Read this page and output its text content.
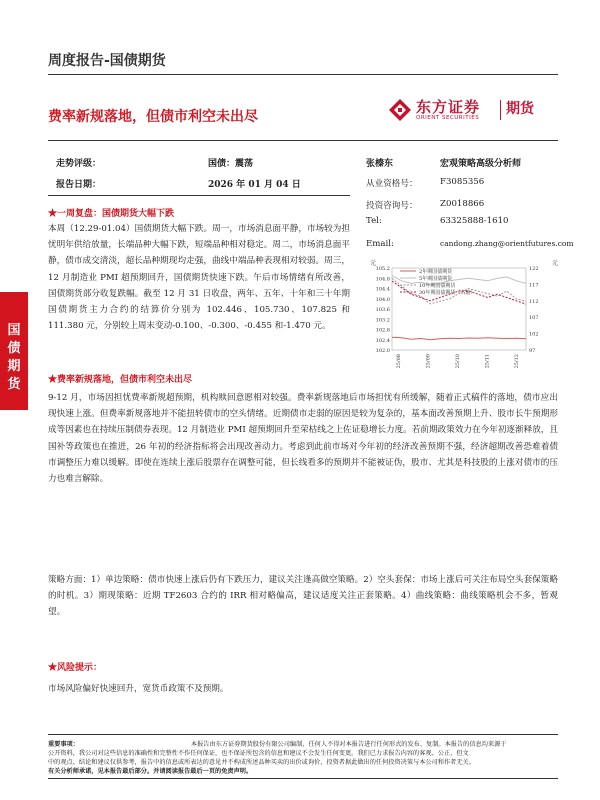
周度报告-国债期货
费率新规落地，但债市利空未出尽
东方证券
ORIENT SECURITIES
期货
走势评级：	国债：震荡
报告日期：	2026 年 01 月 04 日
张榛东	宏观策略高级分析师
从业资格号：	F3085356
投资咨询号：	Z0018866
Tel:	63325888-1610
Email:	candong.zhang@orientfutures.com
★一周复盘：国债期货大幅下跌
本周（12.29-01.04）国债期货大幅下跌。周一，市场消息面平静，市场较为担忧明年供给放量，长端品种大幅下跌，短端品种相对稳定。周二，市场消息面平静，债市成交清淡，超长品种期现均走强，曲线中端品种表现相对较弱。周三，12 月制造业 PMI 超预期回升，国债期货快速下跌。午后市场情绪有所改善，国债期货部分收复跌幅。截至 12 月 31 日收盘，两年、五年、十年和三十年期国债期货主力合约的结算价分别为 102.446、105.730、107.825 和 111.380 元，分别较上周末变动-0.100、-0.300、-0.455 和-1.470 元。
★费率新规落地，但债市利空未出尽
9-12 月，市场因担忧费率新规超预期，机构赎回意愿相对较强。费率新规落地后市场担忧有所缓解，随着正式稿件的落地，债市应出现快速上涨。但费率新规落地并不能扭转债市的空头情绪。近期债市走弱的原因是较为复杂的，基本面改善预期上升、股市长牛预期形成等因素也在持续压制债券表现。12 月制造业 PMI 超预期回升至荣枯线之上佐证稳增长力度。若前期政策效力在今年初逐渐释放，且国补等政策也在推进，26 年初的经济指标将会出现改善动力。考虑到此前市场对今年初的经济改善预期不强，经济超期改善恐难着债市调整压力难以缓解。即使在连续上涨后股票存在调整可能，但长线看多的预期并不能被证伪，股市、尤其是科技股的上涨对债市的压力也难言解除。
策略方面：1）单边策略：债市快速上涨后仍有下跌压力，建议关注逢高做空策略。2）空头套保：市场上涨后可关注布局空头套保策略的时机。3）期现策略：近期 TF2603 合约的 IRR 相对略偏高，建议适度关注正套策略。4）曲线策略：曲线策略机会不多，暂观望。
★风险提示：
市场风险偏好快速回升，宽货币政策不及预期。
国债期货
元	元
105.2
104.8
104.4
104.0
103.6
103.2
102.8
102.4
102.0
122
117
112
107
102
97
25/08	25/09	25/10	25/11	25/12
2年期国债期货
5年期国债期货
10年期国债期货
30年期国债期货（右轴）
重要事项：	本报告由东方证券期货股份有限公司编制，任何人不得对本报告进行任何形式的发布、复制。本报告的信息均来源于
公开资料，我公司对这些信息的准确性和完整性不作任何保证，也不保证所包含的信息和建议不会发生任何变更。我们已力求报告内容的客观、公正，但文
中的观点、结论和建议仅供参考，报告中的信息或所表达的意见并不构成所述品种买卖的出价或询价，投资者据此做出的任何投资决策与本公司和作者无关。
有关分析师承诺，见本报告最后部分。并请阅读报告最后一页的免责声明。
